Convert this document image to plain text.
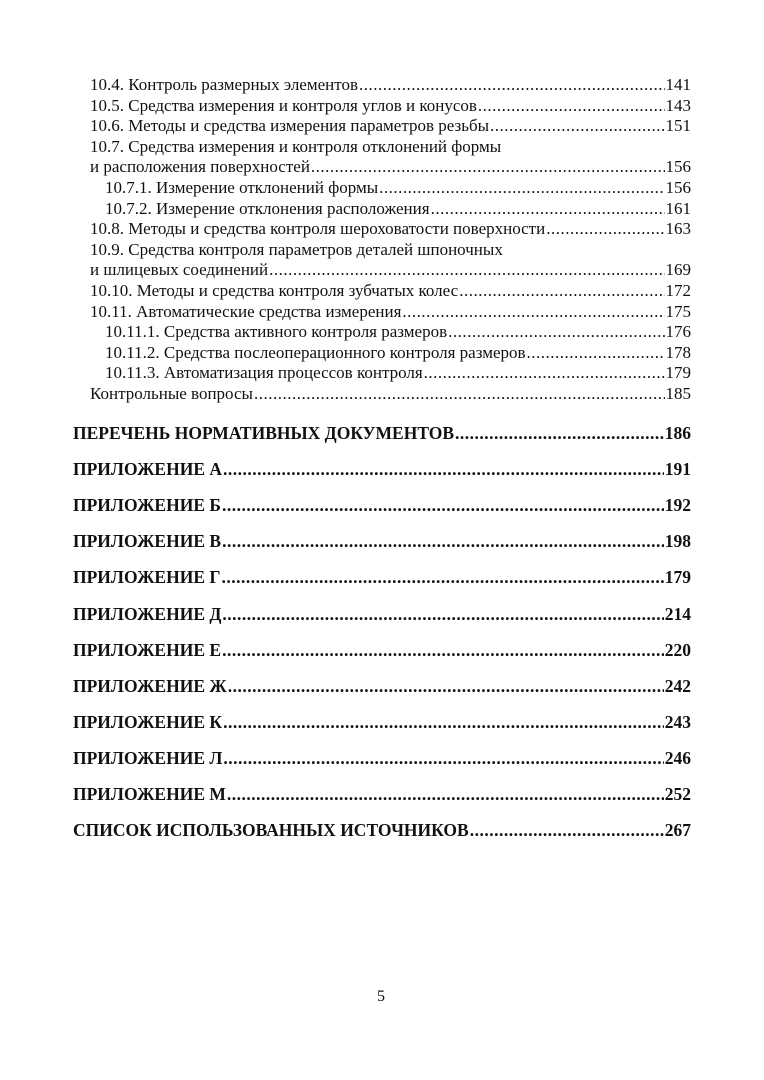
10.4. Контроль размерных элементов .....	141
10.5. Средства измерения и контроля углов и конусов .....	143
10.6. Методы и средства измерения параметров резьбы .....	151
10.7. Средства измерения и контроля отклонений формы
и расположения поверхностей .....	156
10.7.1. Измерение отклонений формы .....	156
10.7.2. Измерение отклонения расположения .....	161
10.8. Методы и средства контроля шероховатости поверхности .....	163
10.9. Средства контроля параметров деталей шпоночных
и шлицевых соединений .....	169
10.10. Методы и средства контроля зубчатых колес .....	172
10.11. Автоматические средства измерения .....	175
10.11.1. Средства активного контроля размеров .....	176
10.11.2. Средства послеоперационного контроля размеров .....	178
10.11.3. Автоматизация процессов контроля .....	179
Контрольные вопросы .....	185
ПЕРЕЧЕНЬ НОРМАТИВНЫХ ДОКУМЕНТОВ .....	186
ПРИЛОЖЕНИЕ А .....	191
ПРИЛОЖЕНИЕ Б .....	192
ПРИЛОЖЕНИЕ В .....	198
ПРИЛОЖЕНИЕ Г .....	179
ПРИЛОЖЕНИЕ Д .....	214
ПРИЛОЖЕНИЕ Е .....	220
ПРИЛОЖЕНИЕ Ж .....	242
ПРИЛОЖЕНИЕ К .....	243
ПРИЛОЖЕНИЕ Л .....	246
ПРИЛОЖЕНИЕ М .....	252
СПИСОК ИСПОЛЬЗОВАННЫХ ИСТОЧНИКОВ .....	267
5
